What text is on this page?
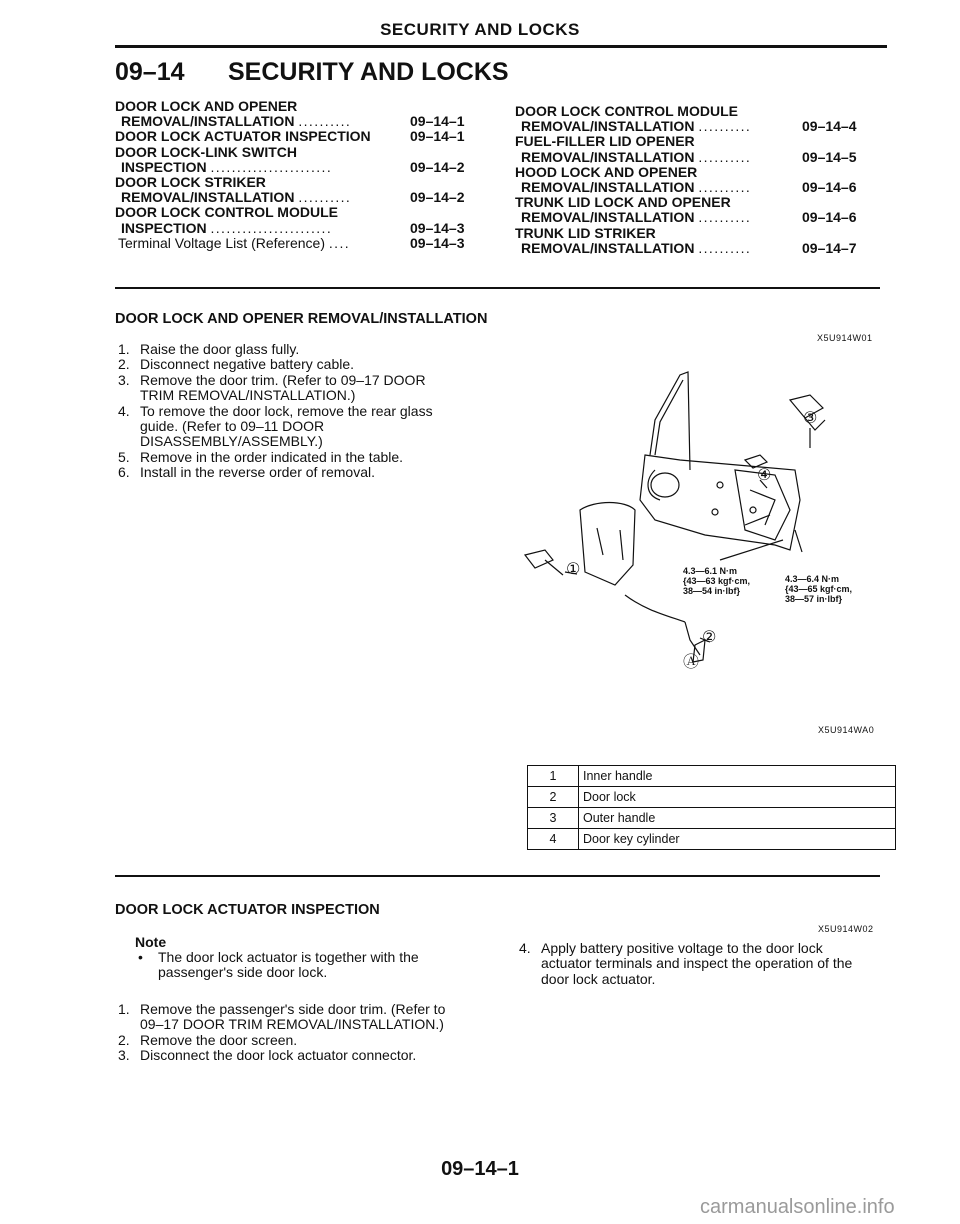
SECURITY AND LOCKS
09–14 SECURITY AND LOCKS
DOOR LOCK AND OPENER
REMOVAL/INSTALLATION ..........	09–14–1
DOOR LOCK ACTUATOR INSPECTION	09–14–1
DOOR LOCK-LINK SWITCH
INSPECTION .......................	09–14–2
DOOR LOCK STRIKER
REMOVAL/INSTALLATION ..........	09–14–2
DOOR LOCK CONTROL MODULE
INSPECTION .......................	09–14–3
Terminal Voltage List (Reference) ....	09–14–3
DOOR LOCK CONTROL MODULE
REMOVAL/INSTALLATION ..........	09–14–4
FUEL-FILLER LID OPENER
REMOVAL/INSTALLATION ..........	09–14–5
HOOD LOCK AND OPENER
REMOVAL/INSTALLATION ..........	09–14–6
TRUNK LID LOCK AND OPENER
REMOVAL/INSTALLATION ..........	09–14–6
TRUNK LID STRIKER
REMOVAL/INSTALLATION ..........	09–14–7
DOOR LOCK AND OPENER REMOVAL/INSTALLATION
X5U914W01
1. Raise the door glass fully.
2. Disconnect negative battery cable.
3. Remove the door trim. (Refer to 09–17 DOOR
TRIM REMOVAL/INSTALLATION.)
4. To remove the door lock, remove the rear glass
guide. (Refer to 09–11 DOOR
DISASSEMBLY/ASSEMBLY.)
5. Remove in the order indicated in the table.
6. Install in the reverse order of removal.
①
②
③
④
Ⓐ
4.3—6.1 N·m
{43—63 kgf·cm,
38—54 in·lbf}
4.3—6.4 N·m
{43—65 kgf·cm,
38—57 in·lbf}
X5U914WA0
1	Inner handle
2	Door lock
3	Outer handle
4	Door key cylinder
DOOR LOCK ACTUATOR INSPECTION
X5U914W02
Note
• The door lock actuator is together with the
passenger's side door lock.
1. Remove the passenger's side door trim. (Refer to
09–17 DOOR TRIM REMOVAL/INSTALLATION.)
2. Remove the door screen.
3. Disconnect the door lock actuator connector.
4. Apply battery positive voltage to the door lock
actuator terminals and inspect the operation of the
door lock actuator.
09–14–1
carmanualsonline.info
